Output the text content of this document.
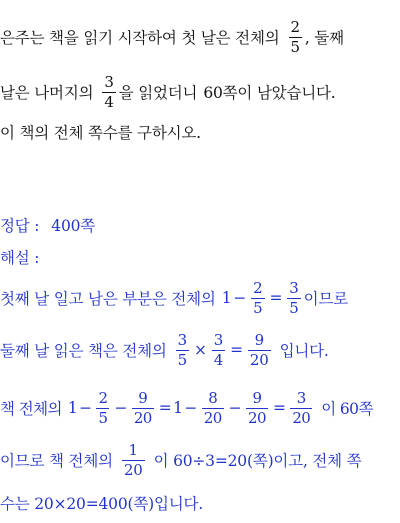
은주는 책을 읽기 시작하여 첫 날은 전체의 $\frac{2}{5}$ , 둘째
날은 나머지의 $\frac{3}{4}$ 을 읽었더니 60쪽이 남았습니다.
이 책의 전체 쪽수를 구하시오.
정답 : 400쪽
해설 :
첫째 날 일고 남은 부분은 전체의 $1 - \frac{2}{5} = \frac{3}{5}$ 이므로
둘째 날 읽은 책은 전체의 $\frac{3}{5} \times \frac{3}{4} = \frac{9}{20}$ 입니다.
책 전체의 $1 - \frac{2}{5} - \frac{9}{20} = 1 - \frac{8}{20} - \frac{9}{20} = \frac{3}{20}$ 이 60쪽
이므로 책 전체의 $\frac{1}{20}$ 이 60÷3=20(쪽)이고, 전체 쪽
수는 20×20=400(쪽)입니다.
